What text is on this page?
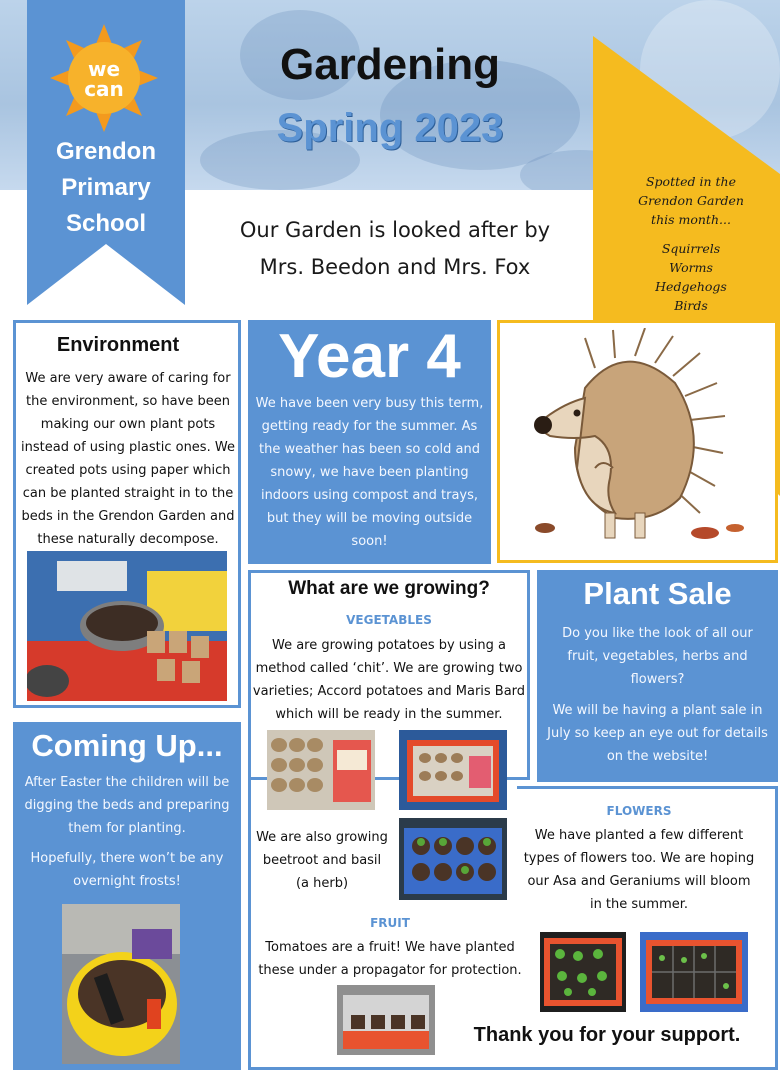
we
can
Grendon
Primary
School
Gardening
Spring 2023
Our Garden is looked after by
Mrs. Beedon and Mrs. Fox
Spotted in the
Grendon Garden
this month...
Squirrels
Worms
Hedgehogs
Birds
Environment
We are very aware of caring for the environment, so have been making our own plant pots instead of using plastic ones. We created pots using paper which can be planted straight in to the beds in the Grendon Garden and these naturally decompose.
Year 4
We have been very busy this term, getting ready for the summer. As the weather has been so cold and snowy, we have been planting indoors using compost and trays, but they will be moving outside soon!
What are we growing?
VEGETABLES
We are growing potatoes by using a method called ‘chit’. We are growing two varieties; Accord potatoes and Maris Bard which will be ready in the summer.
Plant Sale
Do you like the look of all our fruit, vegetables, herbs and flowers?
We will be having a plant sale in July so keep an eye out for details on the website!
Coming Up...
After Easter the children will be digging the beds and preparing them for planting.
Hopefully, there won’t be any overnight frosts!
We are also growing beetroot and basil (a herb)
FLOWERS
We have planted a few different types of flowers too. We are hoping our Asa and Geraniums will bloom in the summer.
FRUIT
Tomatoes are a fruit! We have planted these under a propagator for protection.
Thank you for your support.
